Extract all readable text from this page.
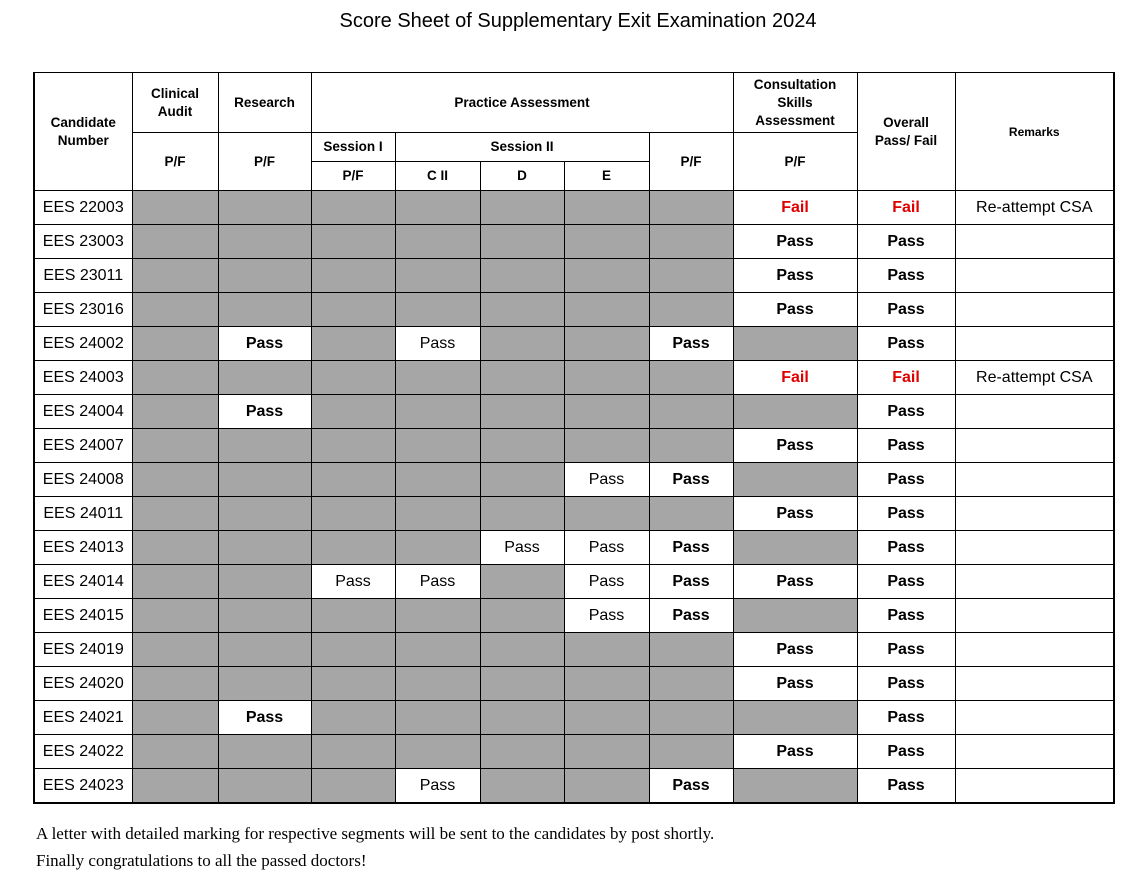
Score Sheet of Supplementary Exit Examination 2024
Candidate Number	Clinical Audit	Research	Practice Assessment					Consultation Skills Assessment	Overall Pass/ Fail	Remarks
	P/F	P/F	Session I	Session II			P/F	P/F		
			P/F	C II	D	E				
EES 22003								Fail	Fail	Re-attempt CSA
EES 23003								Pass	Pass	
EES 23011								Pass	Pass	
EES 23016								Pass	Pass	
EES 24002		Pass		Pass			Pass		Pass	
EES 24003								Fail	Fail	Re-attempt CSA
EES 24004		Pass							Pass	
EES 24007								Pass	Pass	
EES 24008						Pass	Pass		Pass	
EES 24011								Pass	Pass	
EES 24013					Pass	Pass	Pass		Pass	
EES 24014			Pass	Pass		Pass	Pass	Pass	Pass	
EES 24015						Pass	Pass		Pass	
EES 24019								Pass	Pass	
EES 24020								Pass	Pass	
EES 24021		Pass							Pass	
EES 24022								Pass	Pass	
EES 24023				Pass			Pass		Pass	
A letter with detailed marking for respective segments will be sent to the candidates by post shortly.
Finally congratulations to all the passed doctors!
